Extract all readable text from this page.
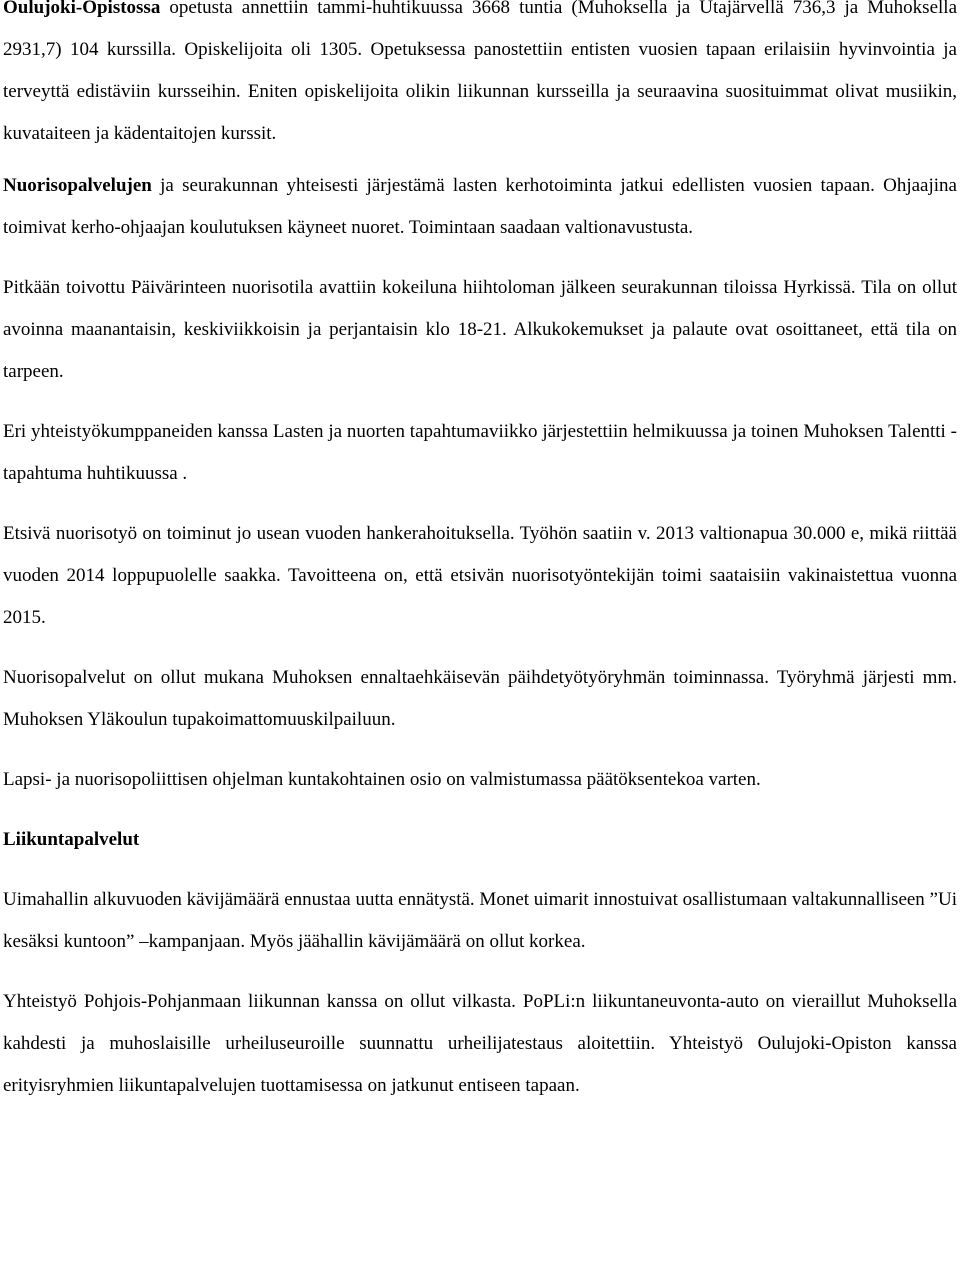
Oulujoki-Opistossa opetusta annettiin tammi-huhtikuussa 3668 tuntia (Muhoksella ja Utajärvellä 736,3 ja Muhoksella 2931,7) 104 kurssilla. Opiskelijoita oli 1305. Opetuksessa panostettiin entisten vuosien tapaan erilaisiin hyvinvointia ja terveyttä edistäviin kursseihin. Eniten opiskelijoita olikin liikunnan kursseilla ja seuraavina suosituimmat olivat musiikin, kuvataiteen ja kädentaitojen kurssit.

Nuorisopalvelujen ja seurakunnan yhteisesti järjestämä lasten kerhotoiminta jatkui edellisten vuosien tapaan. Ohjaajina toimivat kerho-ohjaajan koulutuksen käyneet nuoret. Toimintaan saadaan valtionavustusta.

Pitkään toivottu Päivärinteen nuorisotila avattiin kokeiluna hiihtoloman jälkeen seurakunnan tiloissa Hyrkissä. Tila on ollut avoinna maanantaisin, keskiviikkoisin ja perjantaisin klo 18-21. Alkukokemukset ja palaute ovat osoittaneet, että tila on tarpeen.

Eri yhteistyökumppaneiden kanssa Lasten ja nuorten tapahtumaviikko järjestettiin helmikuussa ja toinen Muhoksen Talentti -tapahtuma huhtikuussa .

Etsivä nuorisotyö on toiminut jo usean vuoden hankerahoituksella. Työhön saatiin v. 2013 valtionapua 30.000 e, mikä riittää vuoden 2014 loppupuolelle saakka. Tavoitteena on, että etsivän nuorisotyöntekijän toimi saataisiin vakinaistettua vuonna 2015.

Nuorisopalvelut on ollut mukana Muhoksen ennaltaehkäisevän päihdetyötyöryhmän toiminnassa. Työryhmä järjesti mm. Muhoksen Yläkoulun tupakoimattomuuskilpailuun.

Lapsi- ja nuorisopoliittisen ohjelman kuntakohtainen osio on valmistumassa päätöksentekoa varten.

Liikuntapalvelut

Uimahallin alkuvuoden kävijämäärä ennustaa uutta ennätystä. Monet uimarit innostuivat osallistumaan valtakunnalliseen ”Ui kesäksi kuntoon” –kampanjaan. Myös jäähallin kävijämäärä on ollut korkea.

Yhteistyö Pohjois-Pohjanmaan liikunnan kanssa on ollut vilkasta. PoPLi:n liikuntaneuvonta-auto on vieraillut Muhoksella kahdesti ja muhoslaisille urheiluseuroille suunnattu urheilijatestaus aloitettiin. Yhteistyö Oulujoki-Opiston kanssa erityisryhmien liikuntapalvelujen tuottamisessa on jatkunut entiseen tapaan.
